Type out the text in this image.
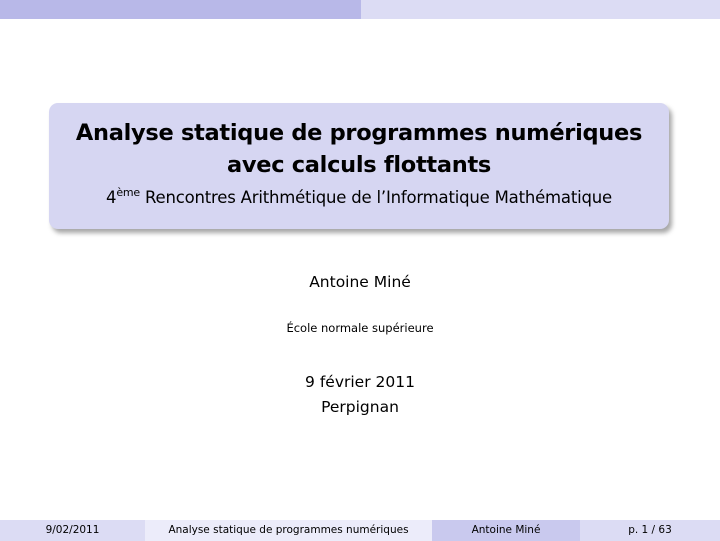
Analyse statique de programmes numériques
avec calculs flottants
4ème Rencontres Arithmétique de l’Informatique Mathématique
Antoine Miné
École normale supérieure
9 février 2011
Perpignan
9/02/2011	Analyse statique de programmes numériques	Antoine Miné	p. 1 / 63
